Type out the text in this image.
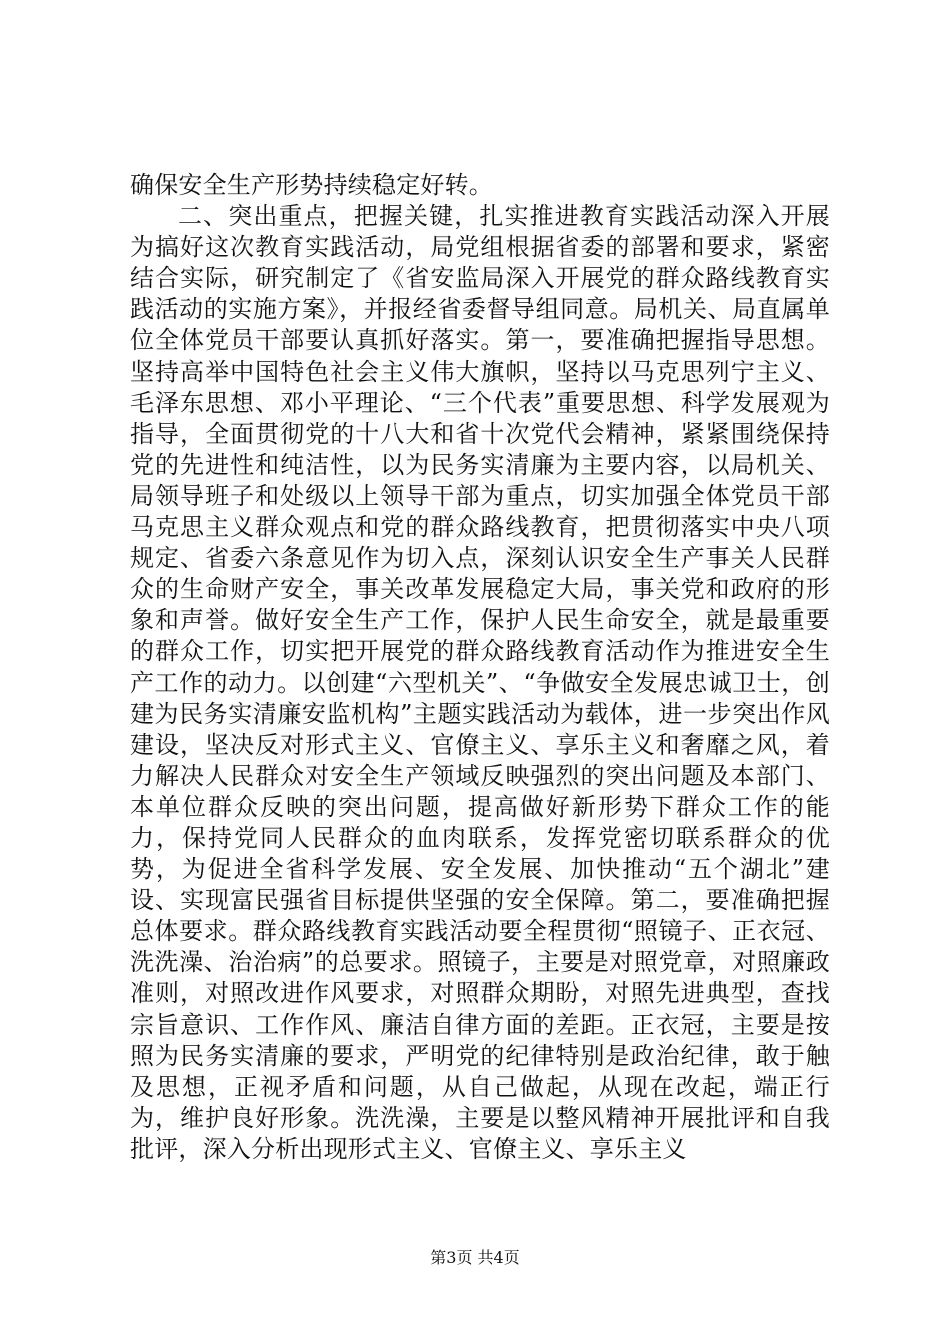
确保安全生产形势持续稳定好转。

二、突出重点，把握关键，扎实推进教育实践活动深入开展为搞好这次教育实践活动，局党组根据省委的部署和要求，紧密结合实际，研究制定了《省安监局深入开展党的群众路线教育实践活动的实施方案》，并报经省委督导组同意。局机关、局直属单位全体党员干部要认真抓好落实。第一，要准确把握指导思想。坚持高举中国特色社会主义伟大旗帜，坚持以马克思列宁主义、毛泽东思想、邓小平理论、“三个代表”重要思想、科学发展观为指导，全面贯彻党的十八大和省十次党代会精神，紧紧围绕保持党的先进性和纯洁性，以为民务实清廉为主要内容，以局机关、局领导班子和处级以上领导干部为重点，切实加强全体党员干部马克思主义群众观点和党的群众路线教育，把贯彻落实中央八项规定、省委六条意见作为切入点，深刻认识安全生产事关人民群众的生命财产安全，事关改革发展稳定大局，事关党和政府的形象和声誉。做好安全生产工作，保护人民生命安全，就是最重要的群众工作，切实把开展党的群众路线教育活动作为推进安全生产工作的动力。以创建“六型机关”、“争做安全发展忠诚卫士，创建为民务实清廉安监机构”主题实践活动为载体，进一步突出作风建设，坚决反对形式主义、官僚主义、享乐主义和奢靡之风，着力解决人民群众对安全生产领域反映强烈的突出问题及本部门、本单位群众反映的突出问题，提高做好新形势下群众工作的能力，保持党同人民群众的血肉联系，发挥党密切联系群众的优势，为促进全省科学发展、安全发展、加快推动“五个湖北”建设、实现富民强省目标提供坚强的安全保障。第二，要准确把握总体要求。群众路线教育实践活动要全程贯彻“照镜子、正衣冠、洗洗澡、治治病”的总要求。照镜子，主要是对照党章，对照廉政准则，对照改进作风要求，对照群众期盼，对照先进典型，查找宗旨意识、工作作风、廉洁自律方面的差距。正衣冠，主要是按照为民务实清廉的要求，严明党的纪律特别是政治纪律，敢于触及思想，正视矛盾和问题，从自己做起，从现在改起，端正行为，维护良好形象。洗洗澡，主要是以整风精神开展批评和自我批评，深入分析出现形式主义、官僚主义、享乐主义

第3页 共4页
